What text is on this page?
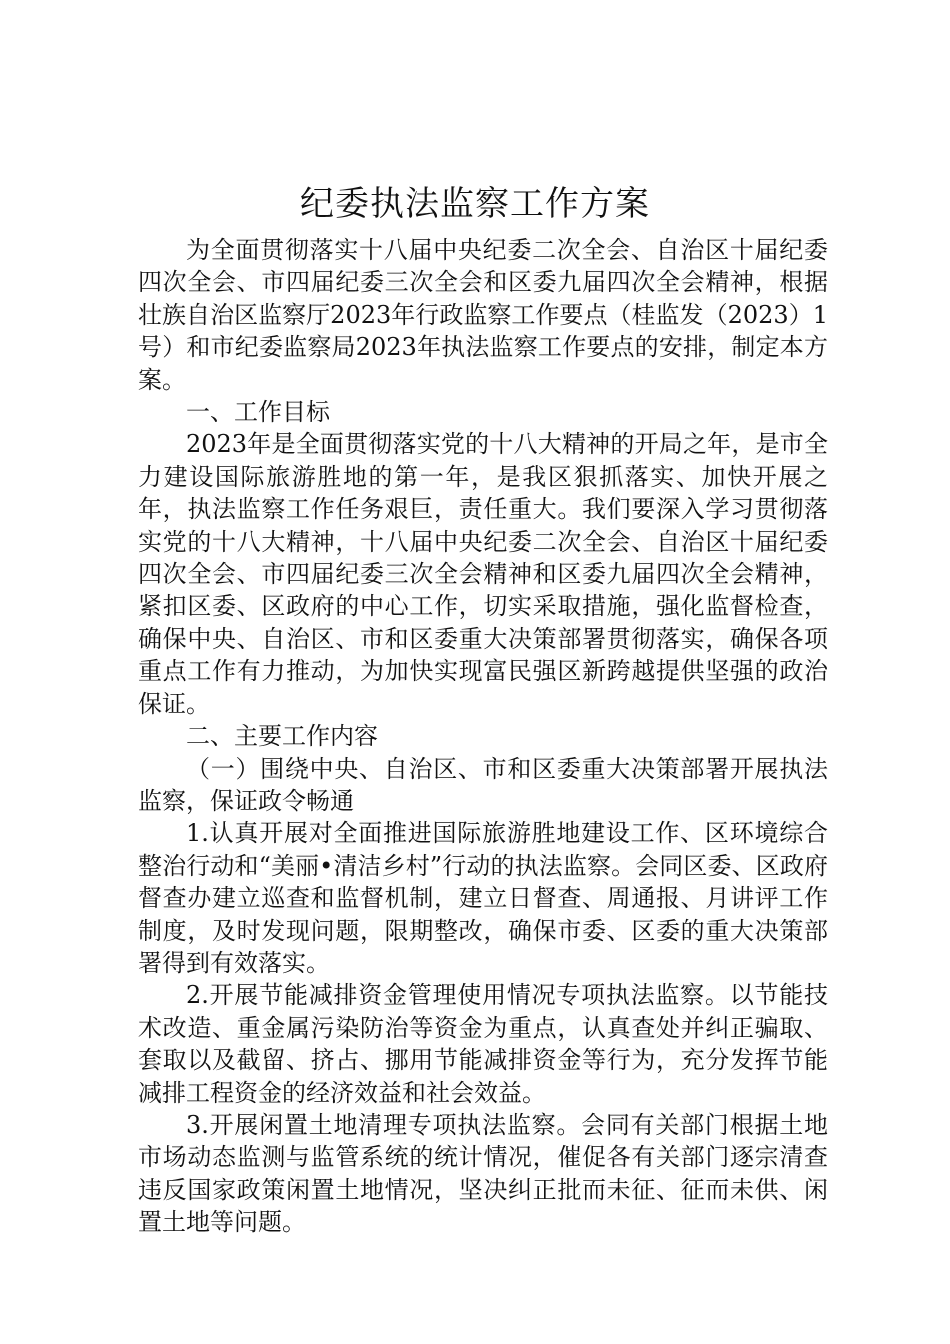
纪委执法监察工作方案

为全面贯彻落实十八届中央纪委二次全会、自治区十届纪委四次全会、市四届纪委三次全会和区委九届四次全会精神，根据壮族自治区监察厅2023年行政监察工作要点（桂监发（2023）1号）和市纪委监察局2023年执法监察工作要点的安排，制定本方案。

一、工作目标

2023年是全面贯彻落实党的十八大精神的开局之年，是市全力建设国际旅游胜地的第一年，是我区狠抓落实、加快开展之年，执法监察工作任务艰巨，责任重大。我们要深入学习贯彻落实党的十八大精神，十八届中央纪委二次全会、自治区十届纪委四次全会、市四届纪委三次全会精神和区委九届四次全会精神，紧扣区委、区政府的中心工作，切实采取措施，强化监督检查，确保中央、自治区、市和区委重大决策部署贯彻落实，确保各项重点工作有力推动，为加快实现富民强区新跨越提供坚强的政治保证。

二、主要工作内容

（一）围绕中央、自治区、市和区委重大决策部署开展执法监察，保证政令畅通

1.认真开展对全面推进国际旅游胜地建设工作、区环境综合整治行动和“美丽•清洁乡村”行动的执法监察。会同区委、区政府督查办建立巡查和监督机制，建立日督查、周通报、月讲评工作制度，及时发现问题，限期整改，确保市委、区委的重大决策部署得到有效落实。

2.开展节能减排资金管理使用情况专项执法监察。以节能技术改造、重金属污染防治等资金为重点，认真查处并纠正骗取、套取以及截留、挤占、挪用节能减排资金等行为，充分发挥节能减排工程资金的经济效益和社会效益。

3.开展闲置土地清理专项执法监察。会同有关部门根据土地市场动态监测与监管系统的统计情况，催促各有关部门逐宗清查违反国家政策闲置土地情况，坚决纠正批而未征、征而未供、闲置土地等问题。
